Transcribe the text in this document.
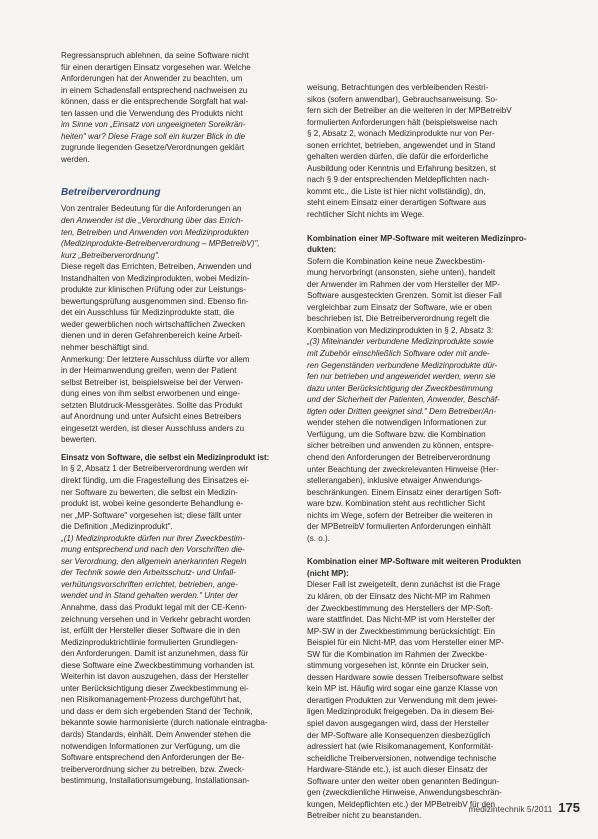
Regressanspruch ablehnen, da seine Software nicht

für einen derartigen Einsatz vorgesehen war. Welche

Anforderungen hat der Anwender zu beachten, um

in einem Schadensfall entsprechend nachweisen zu

können, dass er die entsprechende Sorgfalt hat wal-

ten lassen und die Verwendung des Produkts nicht

im Sinne von „Einsatz von ungeeigneten Soreikrän-

heiten" war? Diese Frage soll ein kurzer Blick in die

zugrunde liegenden Gesetze/Verordnungen geklärt

werden.

Betreiberverordnung

Von zentraler Bedeutung für die Anforderungen an

den Anwender ist die „Verordnung über das Errich-

ten, Betreiben und Anwenden von Medizinprodukten

(Medizinprodukte-Betreiberverordnung – MPBetreibV)",

kurz „Betreiberverordnung".

Diese regelt das Errichten, Betreiben, Anwenden und

Instandhalten von Medizinprodukten, wobei Medizin-

produkte zur klinischen Prüfung oder zur Leistungs-

bewertungsprüfung ausgenommen sind. Ebenso fin-

det ein Ausschluss für Medizinprodukte statt, die

weder gewerblichen noch wirtschaftlichen Zwecken

dienen und in deren Gefahrenbereich keine Arbeit-

nehmer beschäftigt sind.

Anmerkung: Der letztere Ausschluss dürfte vor allem

in der Heimanwendung greifen, wenn der Patient

selbst Betreiber ist, beispielsweise bei der Verwen-

dung eines von ihm selbst erworbenen und einge-

setzten Blutdruck-Messgerätes. Sollte das Produkt

auf Anordnung und unter Aufsicht eines Betreibers

eingesetzt werden, ist dieser Ausschluss anders zu

bewerten.

Einsatz von Software, die selbst ein Medizinprodukt ist:

In § 2, Absatz 1 der Betreiberverordnung werden wir

direkt fündig, um die Fragestellung des Einsatzes ei-

ner Software zu bewerten, die selbst ein Medizin-

produkt ist, wobei keine gesonderte Behandlung e-

ner „MP-Software" vorgesehen ist; diese fällt unter

die Definition „Medizinprodukt".

„(1) Medizinprodukte dürfen nur ihrer Zweckbestim-

mung entsprechend und nach den Vorschriften die-

ser Verordnung, den allgemein anerkannten Regeln

der Technik sowie den Arbeitsschutz- und Unfall-

verhütungsvorschriften errichtet, betrieben, ange-

wendet und in Stand gehalten werden." Unter der

Annahme, dass das Produkt legal mit der CE-Kenn-

zeichnung versehen und in Verkehr gebracht worden

ist, erfüllt der Hersteller dieser Software die in den

Medizinproduktrichtlinie formulierten Grundlegen-

den Anforderungen. Damit ist anzunehmen, dass für

diese Software eine Zweckbestimmung vorhanden ist.

Weiterhin ist davon auszugehen, dass der Hersteller

unter Berücksichtigung dieser Zweckbestimmung ei-

nen Risikomanagement-Prozess durchgeführt hat,

und dass er dem sich ergebenden Stand der Technik,

bekannte sowie harmonisierte (durch nationale eintragba-

dards) Standards, einhält. Dem Anwender stehen die

notwendigen Informationen zur Verfügung, um die

Software entsprechend den Anforderungen der Be-

treiberverordnung sicher zu betreiben, bzw. Zweck-

bestimmung, Installationsumgebung, Installationsan-

weisung, Betrachtungen des verbleibenden Restri-

sikos (sofern anwendbar), Gebrauchsanweisung. So-

fern sich der Betreiber an die weiteren in der MPBetreibV

formulierten Anforderungen hält (beispielsweise nach

§ 2, Absatz 2, wonach Medizinprodukte nur von Per-

sonen errichtet, betrieben, angewendet und in Stand

gehalten werden dürfen, die dafür die erforderliche

Ausbildung oder Kenntnis und Erfahrung besitzen, st

nach § 9 der entsprechenden Meldepflichten nach-

kommt etc., die Liste ist hier nicht vollständig), dn,

steht einem Einsatz einer derartigen Software aus

rechtlicher Sicht nichts im Wege.

Kombination einer MP-Software mit weiteren Medizinpro-

dukten:

Sofern die Kombination keine neue Zweckbestim-

mung hervorbringt (ansonsten, siehe unten), handelt

der Anwender im Rahmen der vom Hersteller der MP-

Software ausgesteckten Grenzen. Somit ist dieser Fall

vergleichbar zum Einsatz der Software, wie er oben

beschrieben ist. Die Betreiberverordnung regelt die

Kombination von Medizinprodukten in § 2, Absatz 3:

„(3) Miteinander verbundene Medizinprodukte sowie

mit Zubehör einschließlich Software oder mit ande-

ren Gegenständen verbundene Medizinprodukte dür-

fen nur betrieben und angewendet werden, wenn sie

dazu unter Berücksichtigung der Zweckbestimmung

und der Sicherheit der Patienten, Anwender, Beschäf-

tigten oder Dritten geeignet sind." Dem Betreiber/An-

wender stehen die notwendigen Informationen zur

Verfügung, um die Software bzw. die Kombination

sicher betreiben und anwenden zu können, entspre-

chend den Anforderungen der Betreiberverordnung

unter Beachtung der zweckrelevanten Hinweise (Her-

stellerangaben), inklusive etwaiger Anwendungs-

beschränkungen. Einem Einsatz einer derartigen Soft-

ware bzw. Kombination steht aus rechtlicher Sicht

nichts im Wege, sofern der Betreiber die weiteren in

der MPBetreibV formulierten Anforderungen einhält

(s. o.).

Kombination einer MP-Software mit weiteren Produkten

(nicht MP):

Dieser Fall ist zweigeteilt, denn zunächst ist die Frage

zu klären, ob der Einsatz des Nicht-MP im Rahmen

der Zweckbestimmung des Herstellers der MP-Soft-

ware stattfindet. Das Nicht-MP ist vom Hersteller der

MP-SW in der Zweckbestimmung berücksichtigt: Ein

Beispiel für ein Nicht-MP, das vom Hersteller einer MP-

SW für die Kombination im Rahmen der Zweckbe-

stimmung vorgesehen ist, könnte ein Drucker sein,

dessen Hardware sowie dessen Treibersoftware selbst

kein MP ist. Häufig wird sogar eine ganze Klasse von

derartigen Produkten zur Verwendung mit dem jewei-

ligen Medizinprodukt freigegeben. Da in diesem Bei-

spiel davon ausgegangen wird, dass der Hersteller

der MP-Software alle Konsequenzen diesbezüglich

adressiert hat (wie Risikomanagement, Konformität-

scheidliche Treiberversionen, notwendige technische

Hardware-Stände etc.), ist auch dieser Einsatz der

Software unter den weiter oben genannten Bedingun-

gen (zweckdienliche Hinweise, Anwendungsbeschrän-

kungen, Meldepflichten etc.) der MPBetreibV für den

Betreiber nicht zu beanstanden.

medizintechnik 5/2011 175
